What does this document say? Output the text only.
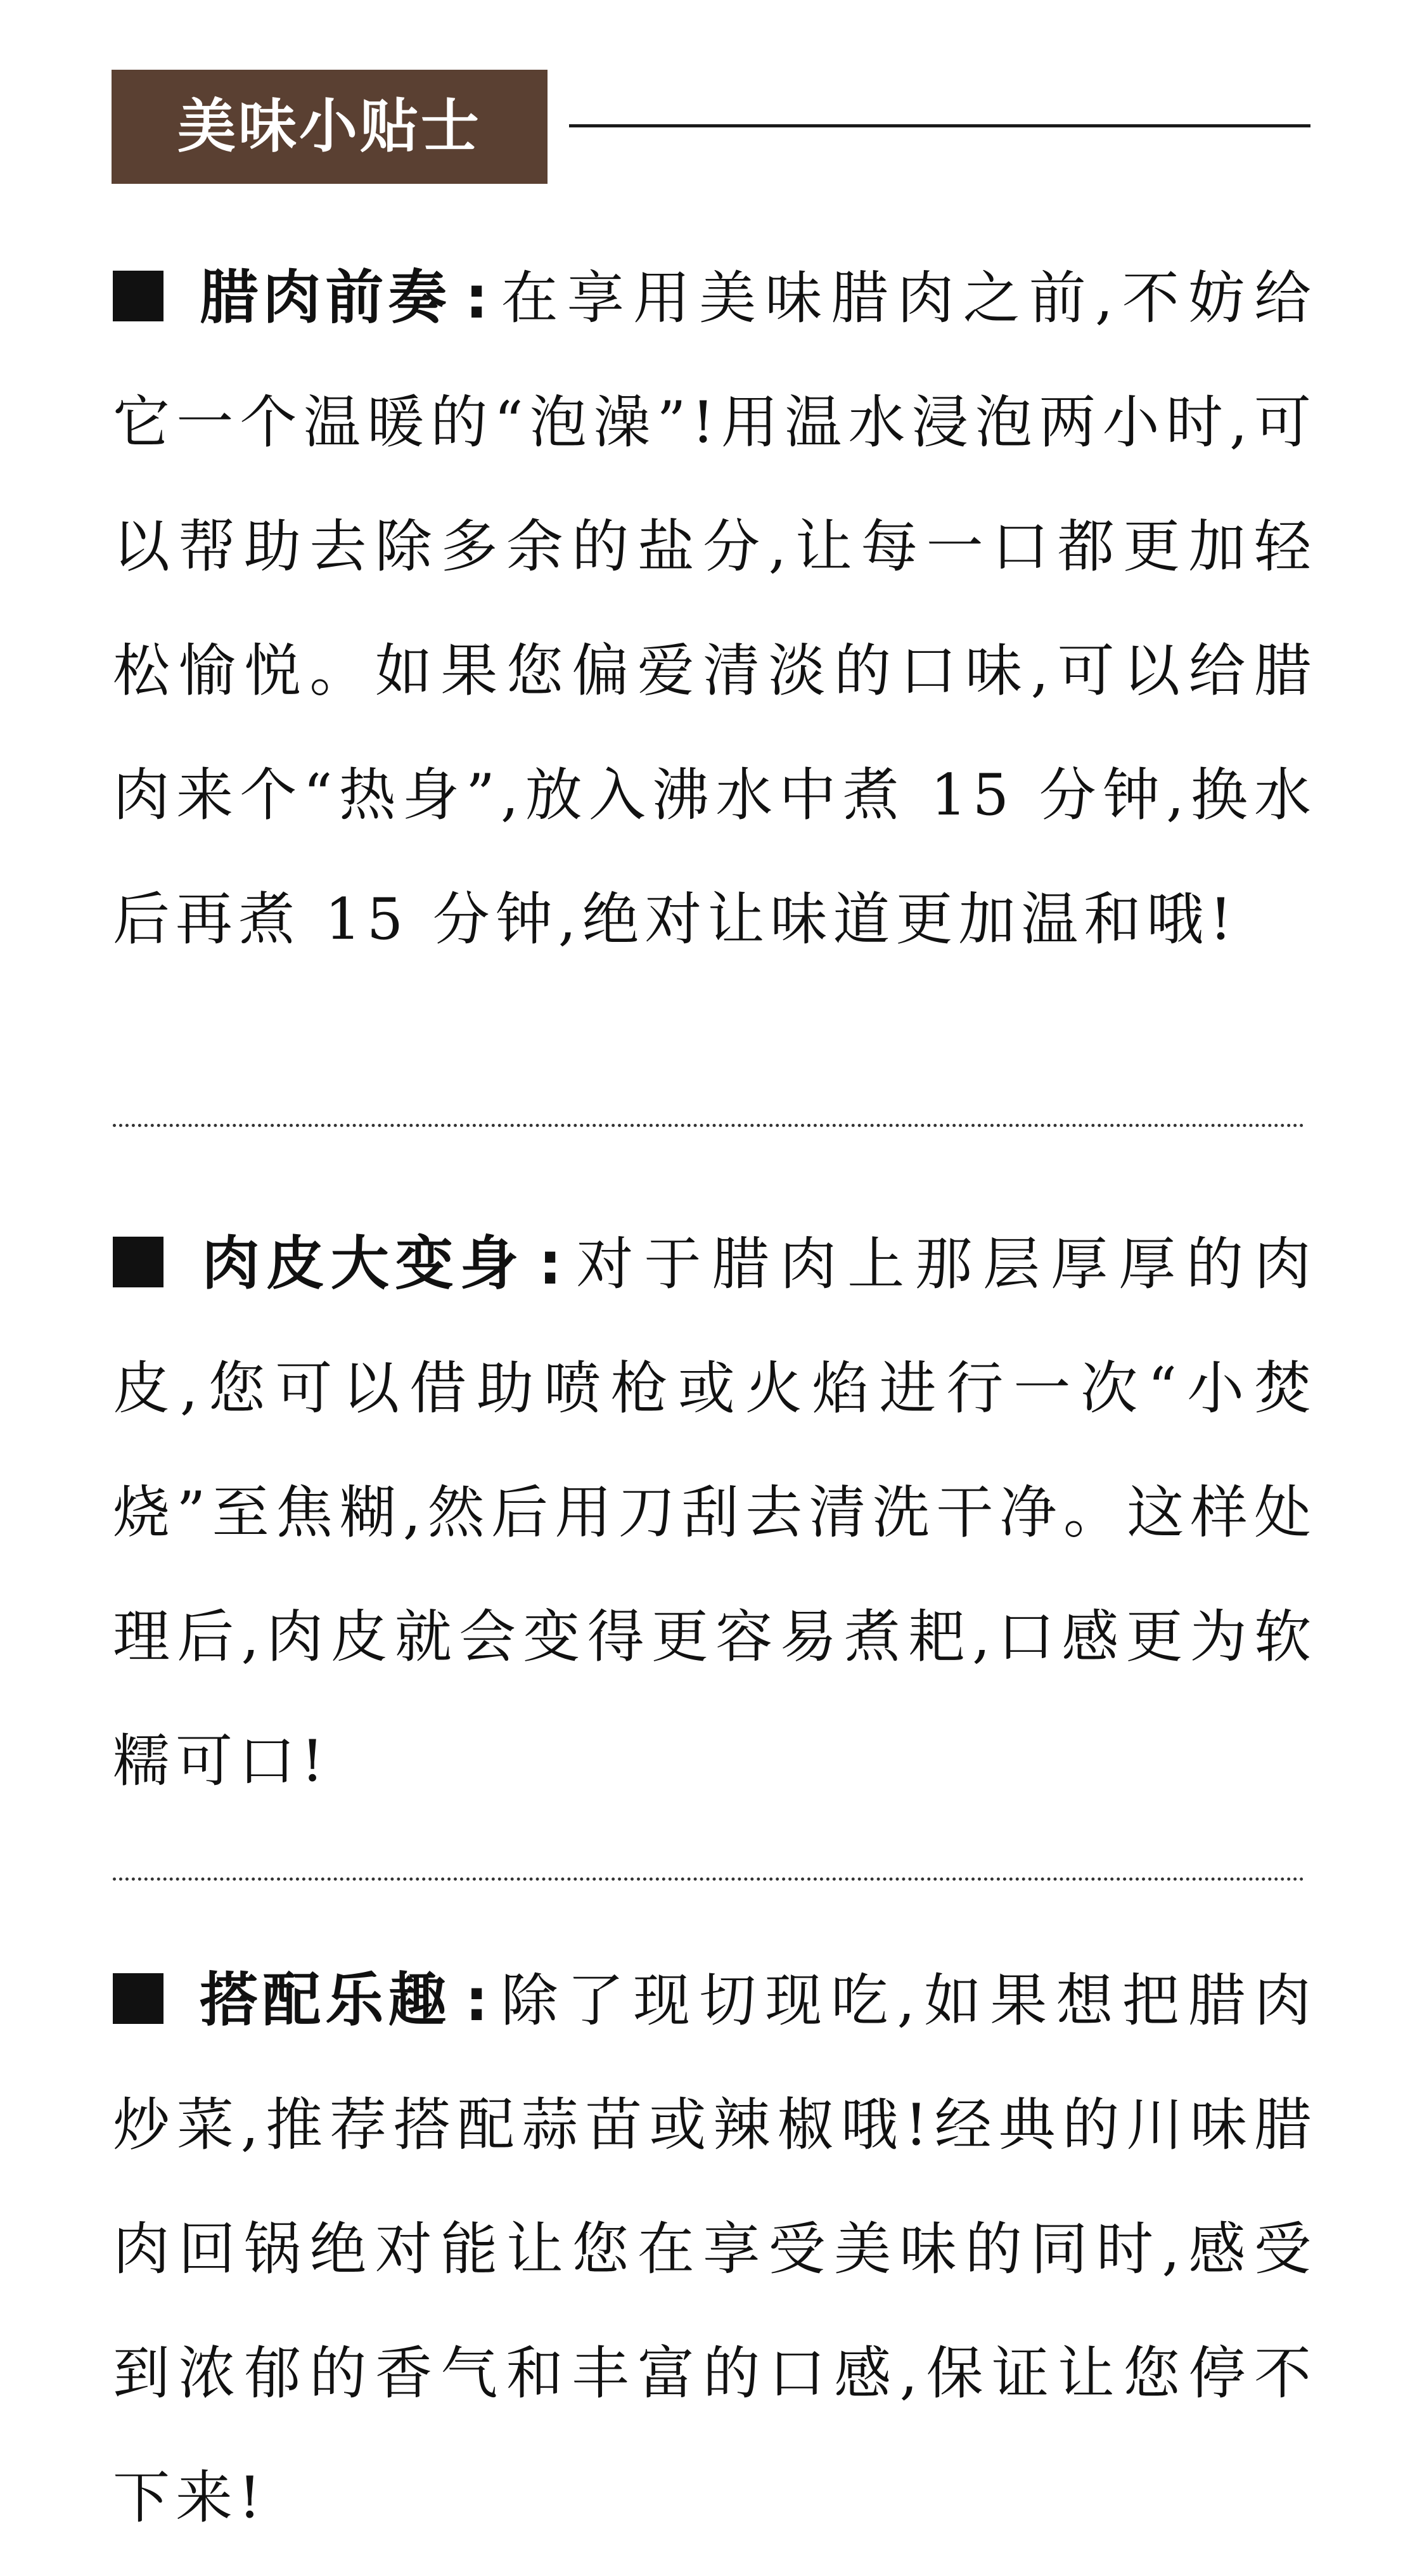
美味小贴士

腊肉前奏 :在享用美味腊肉之前,不妨给它一个温暖的“泡澡”!用温水浸泡两小时,可以帮助去除多余的盐分,让每一口都更加轻松愉悦。如果您偏爱清淡的口味,可以给腊肉来个“热身”,放入沸水中煮 15 分钟,换水后再煮 15 分钟,绝对让味道更加温和哦!

肉皮大变身 :对于腊肉上那层厚厚的肉皮,您可以借助喷枪或火焰进行一次“小焚烧”至焦糊,然后用刀刮去清洗干净。这样处理后,肉皮就会变得更容易煮耙,口感更为软糯可口!

搭配乐趣 :除了现切现吃,如果想把腊肉炒菜,推荐搭配蒜苗或辣椒哦!经典的川味腊肉回锅绝对能让您在享受美味的同时,感受到浓郁的香气和丰富的口感,保证让您停不下来!
